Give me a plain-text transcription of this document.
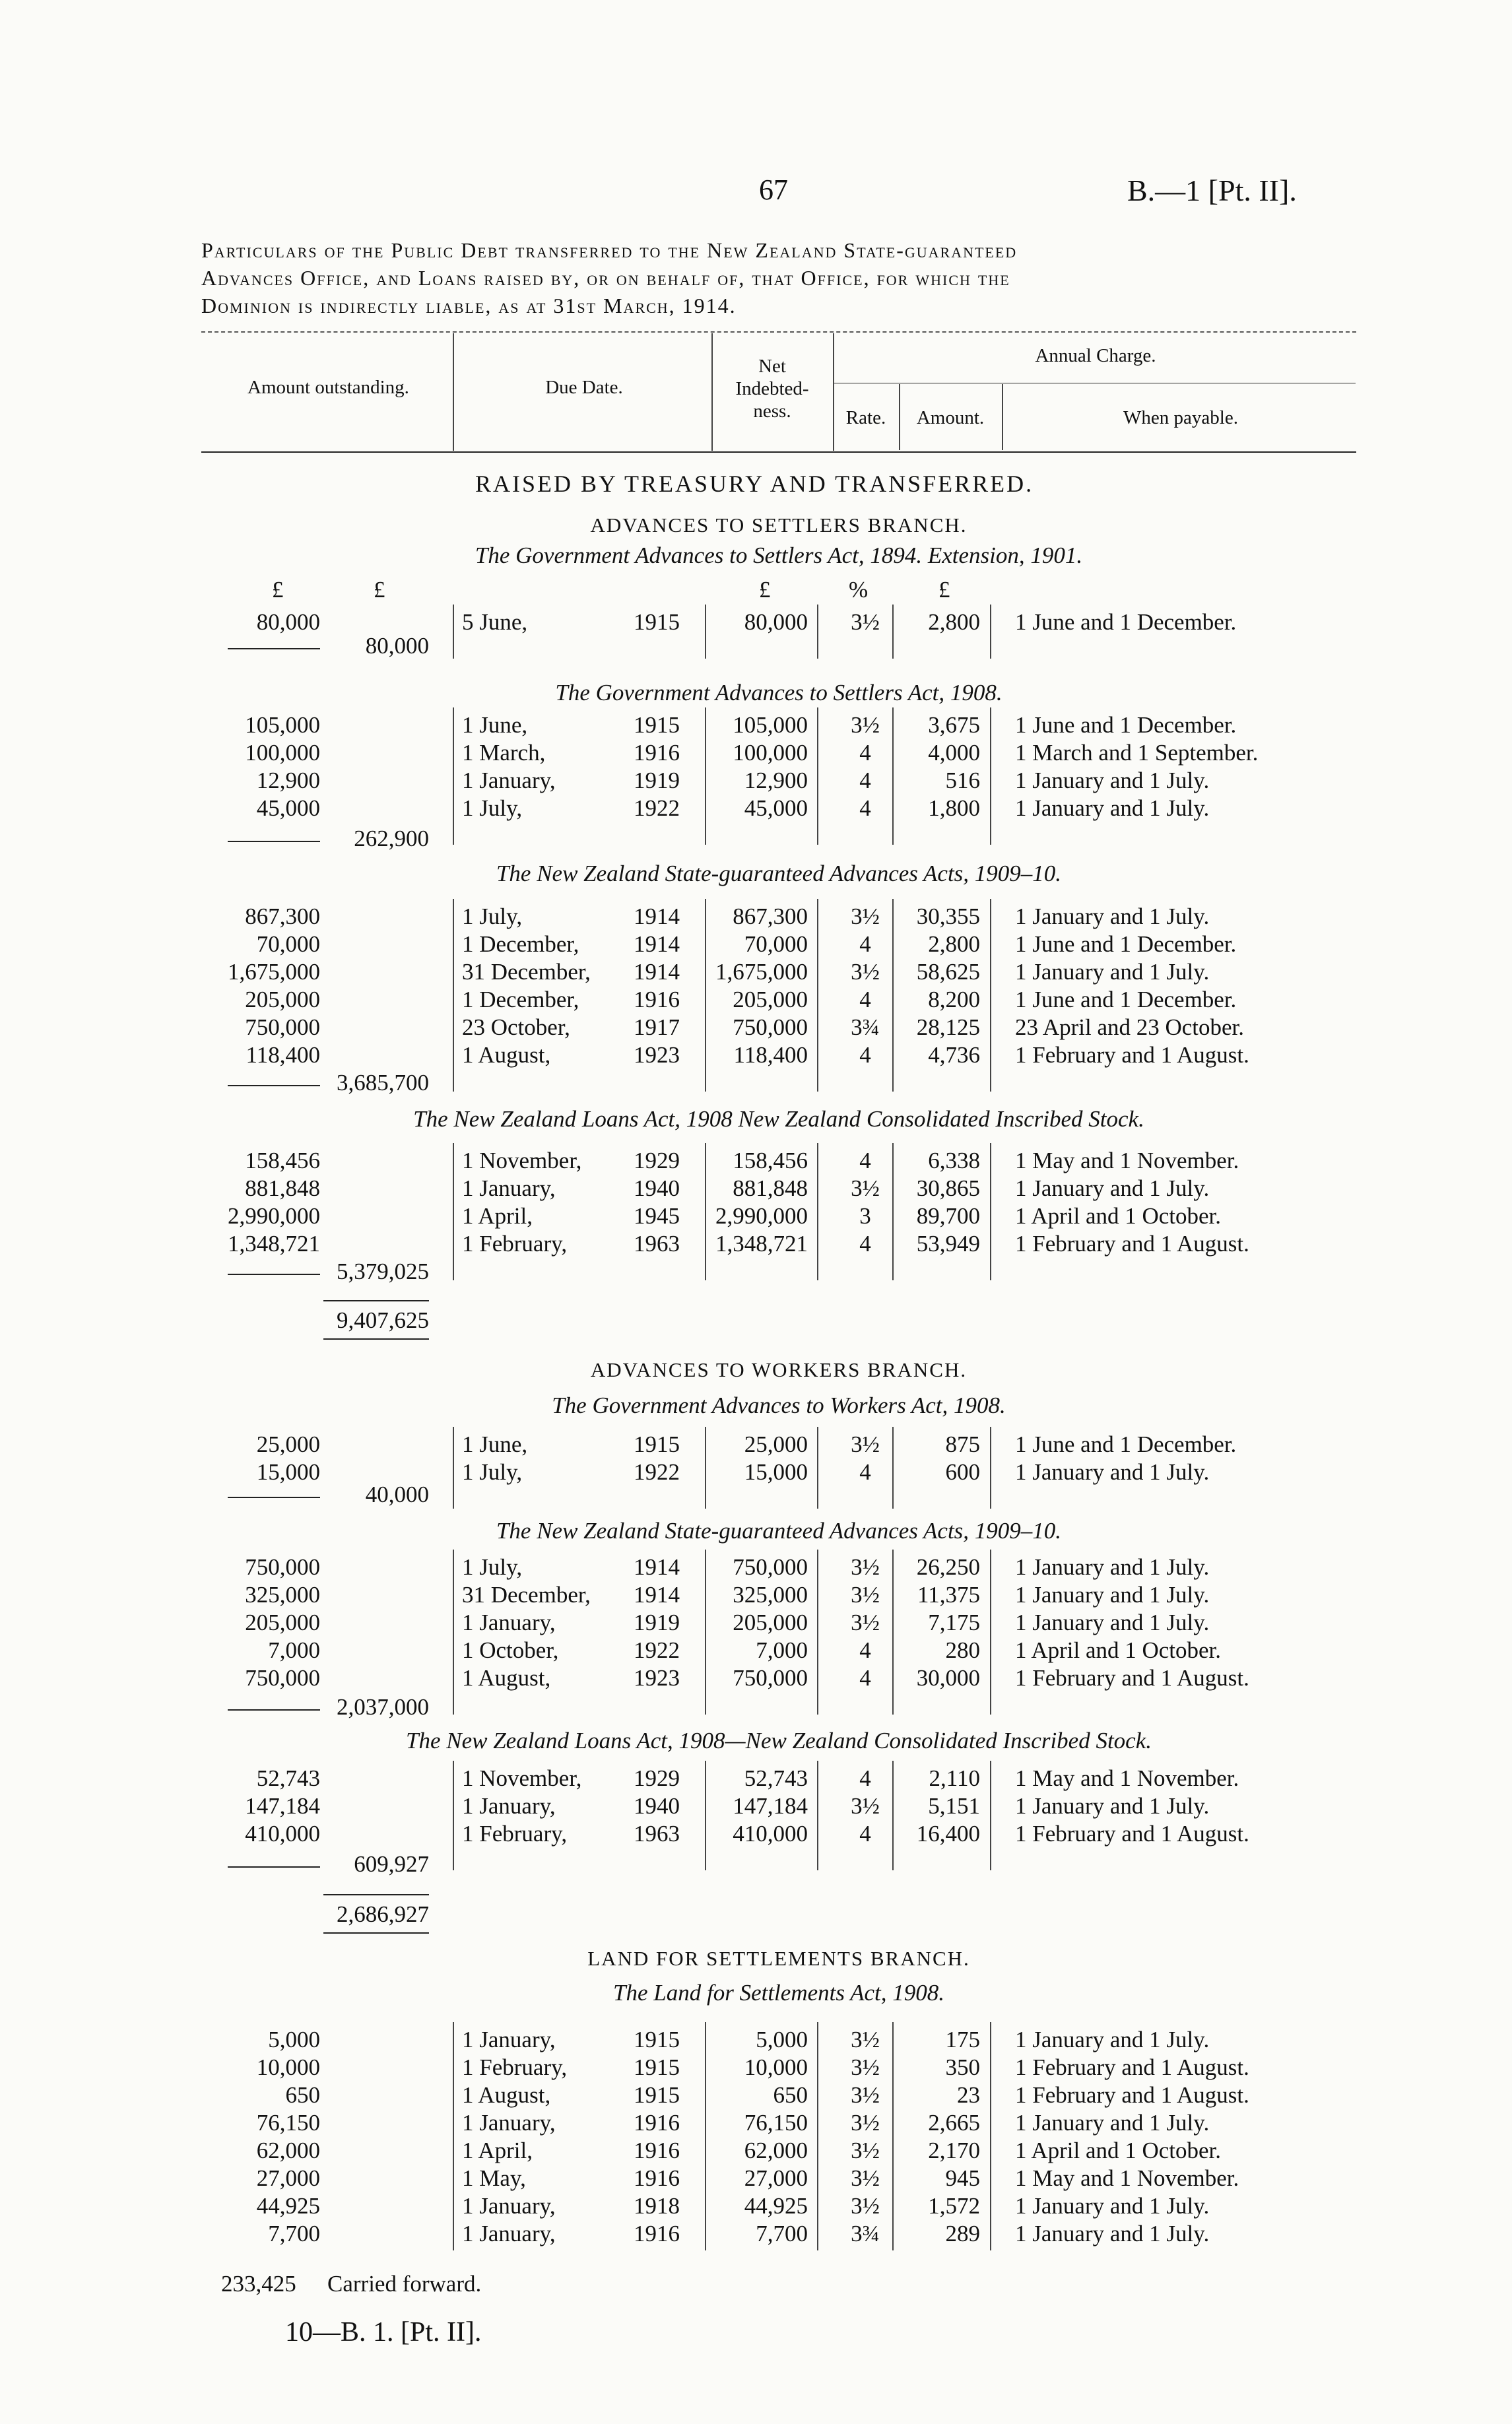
67	B.—1 [Pt. II].
Particulars of the Public Debt transferred to the New Zealand State-guaranteed
Advances Office, and Loans raised by, or on behalf of, that Office, for which the
Dominion is indirectly liable, as at 31st March, 1914.
Amount outstanding.	Due Date.
Net
Indebted-
ness.
Annual Charge.
Rate.	Amount.	When payable.
RAISED BY TREASURY AND TRANSFERRED.
£	£	£	%	£
ADVANCES TO SETTLERS BRANCH.
The Government Advances to Settlers Act, 1894. Extension, 1901.
80,000	5 June,	1915	80,000	3½	2,800 1 June and 1 December.
80,000
The Government Advances to Settlers Act, 1908.
105,000	1 June,	1915	105,000	3½	3,675 1 June and 1 December.
100,000	1 March,	1916	100,000	4	4,000 1 March and 1 September.
12,900	1 January,	1919	12,900	4	516 1 January and 1 July.
45,000	1 July,	1922	45,000	4	1,800 1 January and 1 July.
262,900
The New Zealand State-guaranteed Advances Acts, 1909–10.
867,300	1 July,	1914	867,300	3½	30,355 1 January and 1 July.
70,000	1 December,	1914	70,000	4	2,800 1 June and 1 December.
1,675,000	31 December,	1914	1,675,000	3½	58,625 1 January and 1 July.
205,000	1 December,	1916	205,000	4	8,200 1 June and 1 December.
750,000	23 October,	1917	750,000	3¾	28,125 23 April and 23 October.
118,400	1 August,	1923	118,400	4	4,736 1 February and 1 August.
3,685,700
The New Zealand Loans Act, 1908 New Zealand Consolidated Inscribed Stock.
158,456	1 November,	1929	158,456	4	6,338 1 May and 1 November.
881,848	1 January,	1940	881,848	3½	30,865 1 January and 1 July.
2,990,000	1 April,	1945	2,990,000	3	89,700 1 April and 1 October.
1,348,721	1 February,	1963	1,348,721	4	53,949 1 February and 1 August.
5,379,025
9,407,625
ADVANCES TO WORKERS BRANCH.
The Government Advances to Workers Act, 1908.
25,000	1 June,	1915	25,000	3½	875 1 June and 1 December.
15,000	1 July,	1922	15,000	4	600 1 January and 1 July.
40,000
The New Zealand State-guaranteed Advances Acts, 1909–10.
750,000	1 July,	1914	750,000	3½	26,250 1 January and 1 July.
325,000	31 December,	1914	325,000	3½	11,375 1 January and 1 July.
205,000	1 January,	1919	205,000	3½	7,175 1 January and 1 July.
7,000	1 October,	1922	7,000	4	280 1 April and 1 October.
750,000	1 August,	1923	750,000	4	30,000 1 February and 1 August.
2,037,000
The New Zealand Loans Act, 1908—New Zealand Consolidated Inscribed Stock.
52,743	1 November,	1929	52,743	4	2,110 1 May and 1 November.
147,184	1 January,	1940	147,184	3½	5,151 1 January and 1 July.
410,000	1 February,	1963	410,000	4	16,400 1 February and 1 August.
609,927
2,686,927
LAND FOR SETTLEMENTS BRANCH.
The Land for Settlements Act, 1908.
5,000	1 January,	1915	5,000	3½	175 1 January and 1 July.
10,000	1 February,	1915	10,000	3½	350 1 February and 1 August.
650	1 August,	1915	650	3½	23 1 February and 1 August.
76,150	1 January,	1916	76,150	3½	2,665 1 January and 1 July.
62,000	1 April,	1916	62,000	3½	2,170 1 April and 1 October.
27,000	1 May,	1916	27,000	3½	945 1 May and 1 November.
44,925	1 January,	1918	44,925	3½	1,572 1 January and 1 July.
7,700	1 January,	1916	7,700	3¾	289 1 January and 1 July.
233,425 Carried forward.
10—B. 1. [Pt. II].
